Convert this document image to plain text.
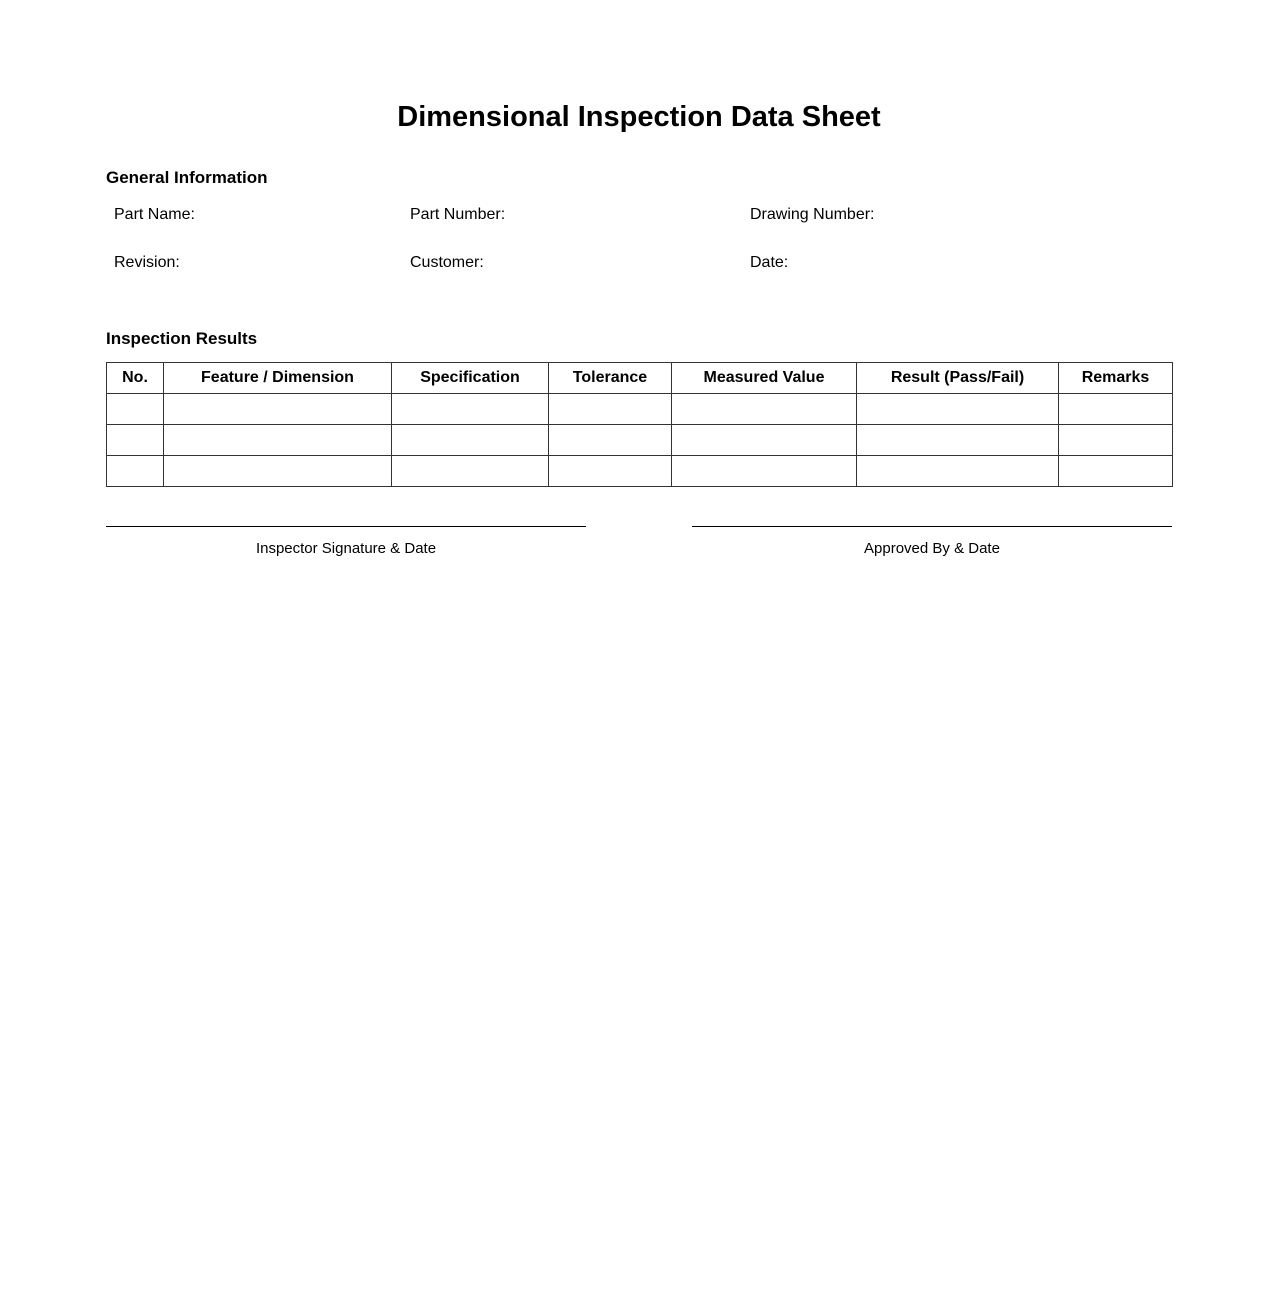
Dimensional Inspection Data Sheet
General Information
Part Name:	Part Number:	Drawing Number:
Revision:	Customer:	Date:
Inspection Results
No.	Feature / Dimension	Specification	Tolerance	Measured Value	Result (Pass/Fail)	Remarks

Inspector Signature & Date	Approved By & Date
